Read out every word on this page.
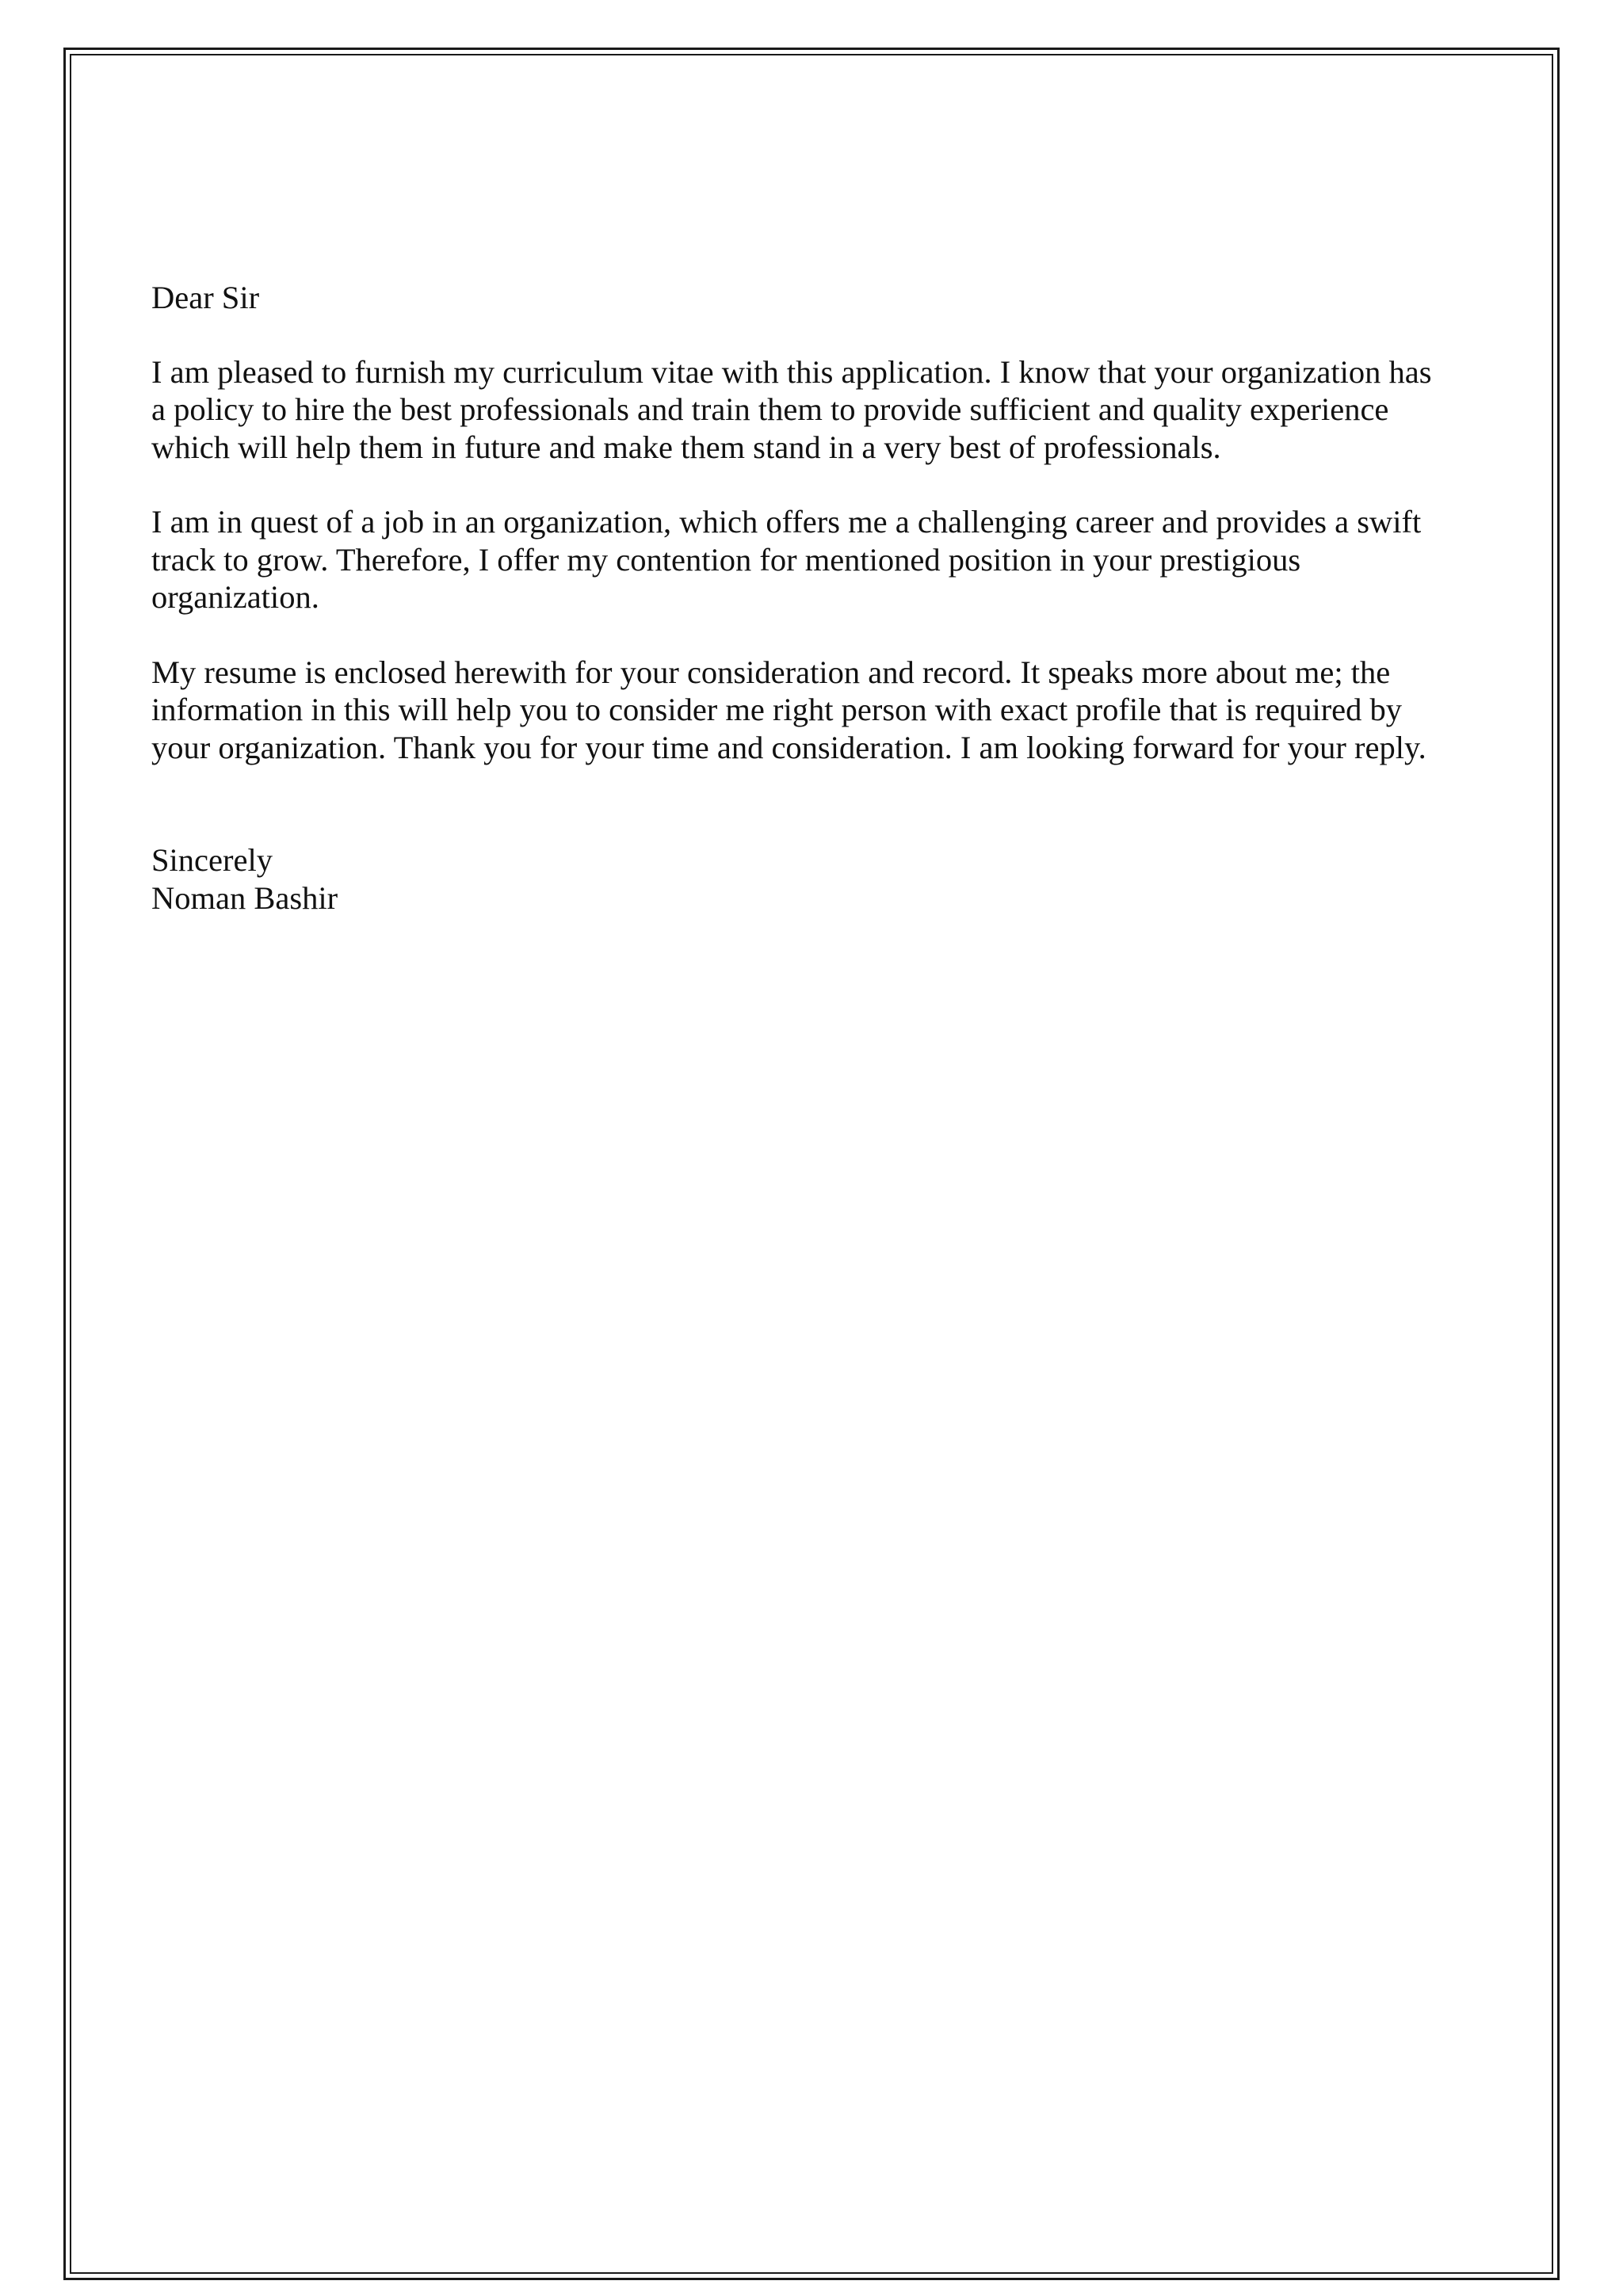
Dear Sir
I am pleased to furnish my curriculum vitae with this application. I know that your organization has
a policy to hire the best professionals and train them to provide sufficient and quality experience
which will help them in future and make them stand in a very best of professionals.
I am in quest of a job in an organization, which offers me a challenging career and provides a swift
track to grow. Therefore, I offer my contention for mentioned position in your prestigious
organization.
My resume is enclosed herewith for your consideration and record. It speaks more about me; the
information in this will help you to consider me right person with exact profile that is required by
your organization. Thank you for your time and consideration. I am looking forward for your reply.
Sincerely
Noman Bashir
